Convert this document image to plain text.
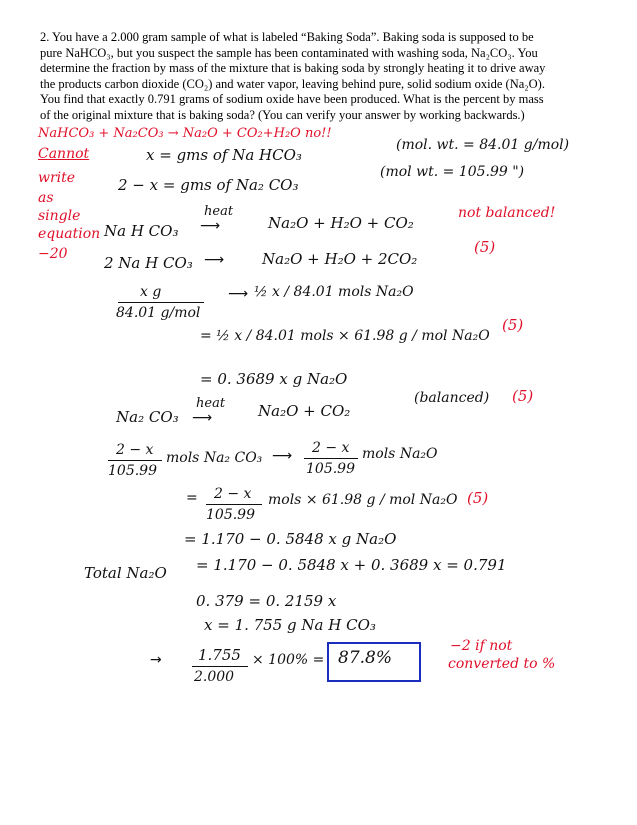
2. You have a 2.000 gram sample of what is labeled “Baking Soda”. Baking soda is supposed to be
pure NaHCO₃, but you suspect the sample has been contaminated with washing soda, Na₂CO₃. You
determine the fraction by mass of the mixture that is baking soda by strongly heating it to drive away
the products carbon dioxide (CO₂) and water vapor, leaving behind pure, solid sodium oxide (Na₂O).
You find that exactly 0.791 grams of sodium oxide have been produced. What is the percent by mass
of the original mixture that is baking soda? (You can verify your answer by working backwards.)
NaHCO₃ + Na₂CO₃ → Na₂O + CO₂+H₂O no!!
Cannot
write
as
single
equation
−20
not balanced!
(5)
(5)
(5)
(5)
−2 if not
converted to %
x = gms of Na HCO₃
(mol. wt. = 84.01 g/mol)
2 − x = gms of Na₂ CO₃
(mol wt. = 105.99 ")
heat
⟶
Na H CO₃	Na₂O + H₂O + CO₂
2 Na H CO₃ ⟶	Na₂O + H₂O + 2CO₂
x g
84.01 g/mol
⟶ ½ x / 84.01 mols Na₂O
= ½ x / 84.01 mols × 61.98 g / mol Na₂O
= 0. 3689 x g Na₂O
Na₂ CO₃
heat
⟶	Na₂O + CO₂
(balanced)
2 − x
105.99
mols Na₂ CO₃ ⟶ 2 − x
105.99
mols Na₂O
= 2 − x
105.99
mols × 61.98 g / mol Na₂O
= 1.170 − 0. 5848 x g Na₂O
Total Na₂O = 1.170 − 0. 5848 x + 0. 3689 x = 0.791
0. 379 = 0. 2159 x
x = 1. 755 g Na H CO₃
→ 1.755
2.000
× 100% = 87.8%
